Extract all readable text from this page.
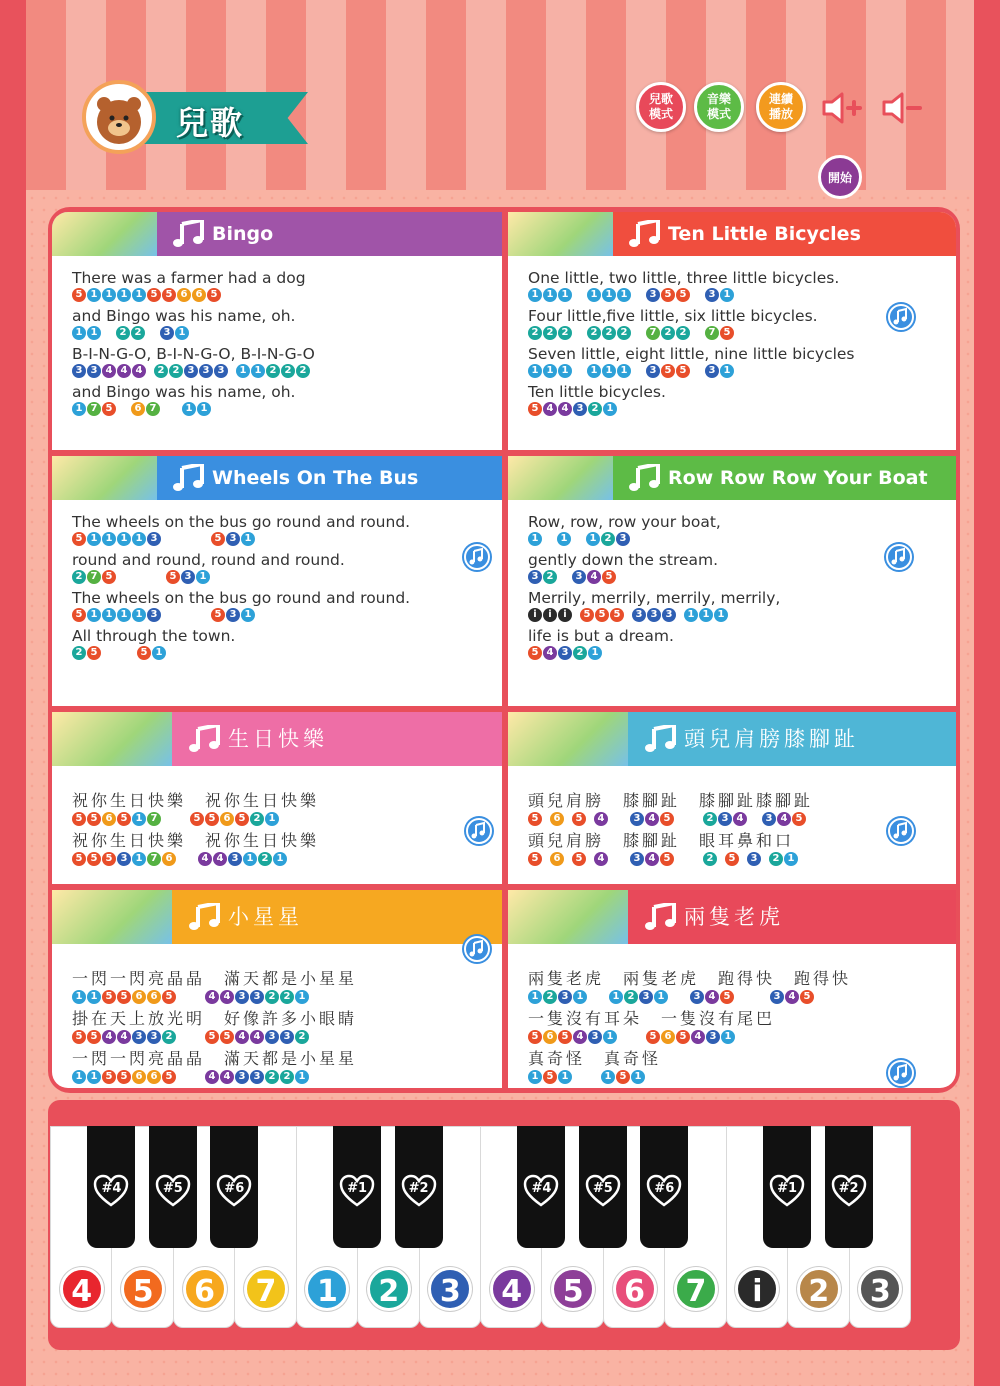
兒歌
兒歌模式
音樂模式
連續播放
開始
Bingo
There was a farmer had a dog
5 1 1 1 1 5 5 6 6 5
and Bingo was his name, oh.
1 1 2 2 3 1
B-I-N-G-O, B-I-N-G-O, B-I-N-G-O
3 3 4 4 4 2 2 3 3 3 1 1 2 2 2
and Bingo was his name, oh.
1 7 5 6 7	1 1
Ten Little Bicycles
One little, two little, three little bicycles.
1 1 1 1 1 1 3 5 5 3 1
Four little,five little, six little bicycles.
2 2 2 2 2 2 7 2 2 7 5
Seven little, eight little, nine little bicycles
1 1 1 1 1 1 3 5 5 3 1
Ten little bicycles.
5 4 4 3 2 1
Wheels On The Bus
The wheels on the bus go round and round.
5 1 1 1 1 3	5 3 1
round and round, round and round.
2 7 5	5 3 1
The wheels on the bus go round and round.
5 1 1 1 1 3	5 3 1
All through the town.
2 5	5 1
Row Row Row Your Boat
Row, row, row your boat,
1 1 1 2 3
gently down the stream.
3 2 3 4 5
Merrily, merrily, merrily, merrily,
i i i 5 5 5 3 3 3 1 1 1
life is but a dream.
5 4 3 2 1
生日快樂
祝你生日快樂　祝你生日快樂
5 5 6 5 1 7	5 5 6 5 2 1
祝你生日快樂　祝你生日快樂
5 5 5 3 1 7 6	4 4 3 1 2 1
頭兒肩膀膝腳趾
頭兒肩膀　膝腳趾　膝腳趾膝腳趾
5 6 5 4	3 4 5	2 3 4 3 4 5
頭兒肩膀　膝腳趾　眼耳鼻和口
5 6 5 4	3 4 5	2 5 3 2 1
小星星
一閃一閃亮晶晶　滿天都是小星星
1 1 5 5 6 6 5	4 4 3 3 2 2 1
掛在天上放光明　好像許多小眼睛
5 5 4 4 3 3 2	5 5 4 4 3 3 2
一閃一閃亮晶晶　滿天都是小星星
1 1 5 5 6 6 5	4 4 3 3 2 2 1
兩隻老虎
兩隻老虎　兩隻老虎　跑得快　跑得快
1 2 3 1	1 2 3 1	3 4 5	3 4 5
一隻沒有耳朵　一隻沒有尾巴
5 6 5 4 3 1	5 6 5 4 3 1
真奇怪　真奇怪
1 5 1	1 5 1
4	5	6	7	1	2	3	4	5	6	7	i	2	3
#4	#5	#6	#1	#2	#4	#5	#6	#1	#2
